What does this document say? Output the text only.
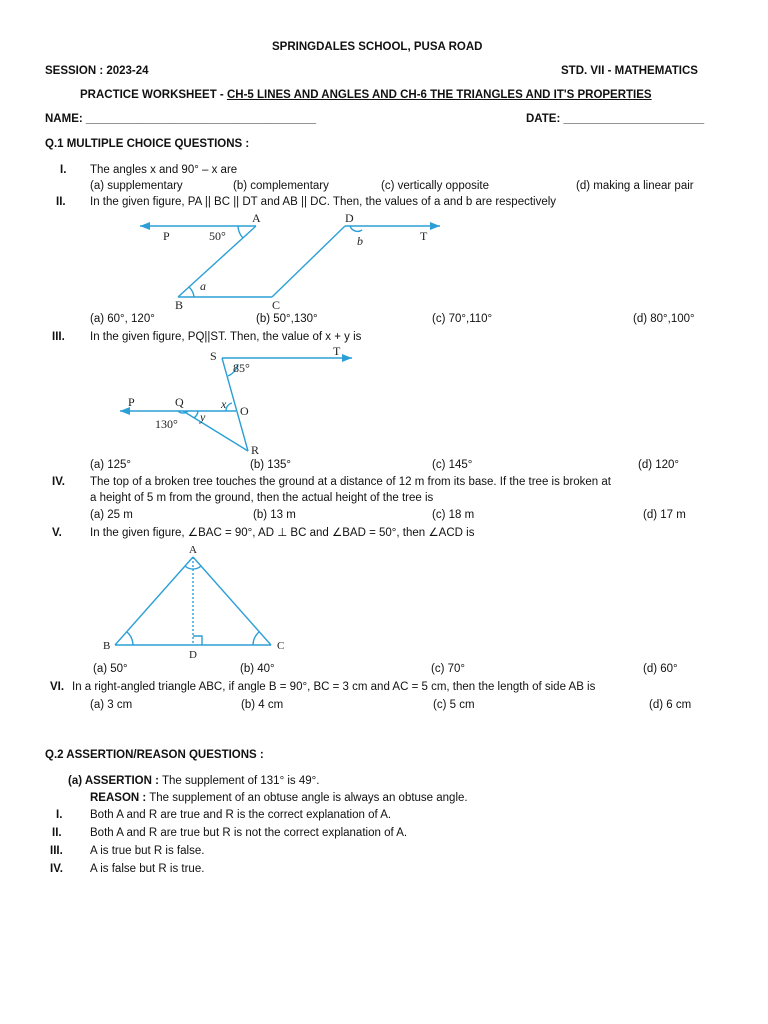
SPRINGDALES SCHOOL, PUSA ROAD
SESSION : 2023-24	STD. VII - MATHEMATICS
PRACTICE WORKSHEET - CH-5 LINES AND ANGLES AND CH-6 THE TRIANGLES AND IT'S PROPERTIES
NAME: ____________________________________	DATE: ______________________
Q.1 MULTIPLE CHOICE QUESTIONS :
I. The angles x and 90° – x are
(a) supplementary	(b) complementary	(c) vertically opposite	(d) making a linear pair
II. In the given figure, PA || BC || DT and AB || DC. Then, the values of a and b are respectively
P
A
50°
D
T
b
a
B	C
(a) 60°, 120°	(b) 50°,130°	(c) 70°,110°	(d) 80°,100°
III. In the given figure, PQ||ST. Then, the value of x + y is
S	T
85°
P	Q	x O
y
130°
R
(a) 125°	(b) 135°	(c) 145°	(d) 120°
IV. The top of a broken tree touches the ground at a distance of 12 m from its base. If the tree is broken at
a height of 5 m from the ground, then the actual height of the tree is
(a) 25 m	(b) 13 m	(c) 18 m	(d) 17 m
V. In the given figure, ∠BAC = 90°, AD ⊥ BC and ∠BAD = 50°, then ∠ACD is
A
B	C
D
(a) 50°	(b) 40°	(c) 70°	(d) 60°
VI. In a right-angled triangle ABC, if angle B = 90°, BC = 3 cm and AC = 5 cm, then the length of side AB is
(a) 3 cm	(b) 4 cm	(c) 5 cm	(d) 6 cm
Q.2 ASSERTION/REASON QUESTIONS :
(a) ASSERTION : The supplement of 131° is 49°.
REASON : The supplement of an obtuse angle is always an obtuse angle.
I. Both A and R are true and R is the correct explanation of A.
II. Both A and R are true but R is not the correct explanation of A.
III. A is true but R is false.
IV. A is false but R is true.
